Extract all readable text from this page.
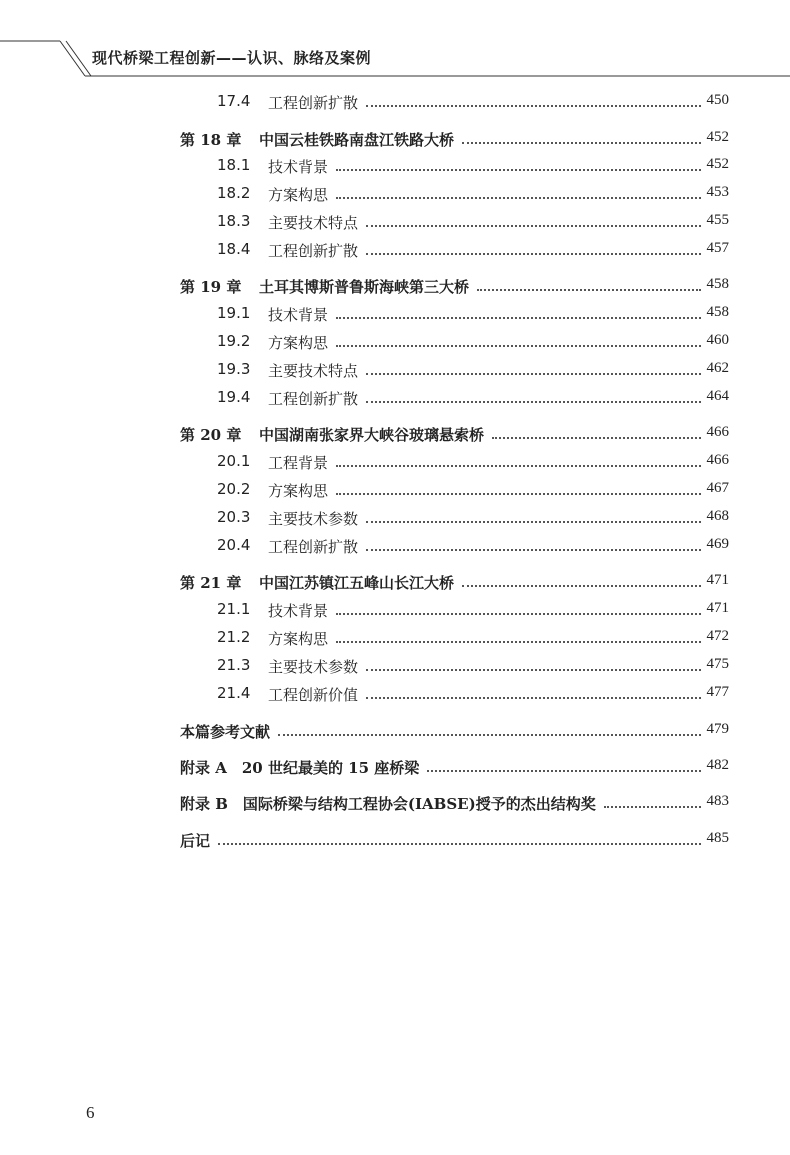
现代桥梁工程创新——认识、脉络及案例
17.4 工程创新扩散	450
第 18 章 中国云桂铁路南盘江铁路大桥	452
18.1 技术背景	452
18.2 方案构思	453
18.3 主要技术特点	455
18.4 工程创新扩散	457
第 19 章 土耳其博斯普鲁斯海峡第三大桥	458
19.1 技术背景	458
19.2 方案构思	460
19.3 主要技术特点	462
19.4 工程创新扩散	464
第 20 章 中国湖南张家界大峡谷玻璃悬索桥	466
20.1 工程背景	466
20.2 方案构思	467
20.3 主要技术参数	468
20.4 工程创新扩散	469
第 21 章 中国江苏镇江五峰山长江大桥	471
21.1 技术背景	471
21.2 方案构思	472
21.3 主要技术参数	475
21.4 工程创新价值	477
本篇参考文献	479
附录 A　20 世纪最美的 15 座桥梁	482
附录 B　国际桥梁与结构工程协会(IABSE)授予的杰出结构奖	483
后记	485
6
